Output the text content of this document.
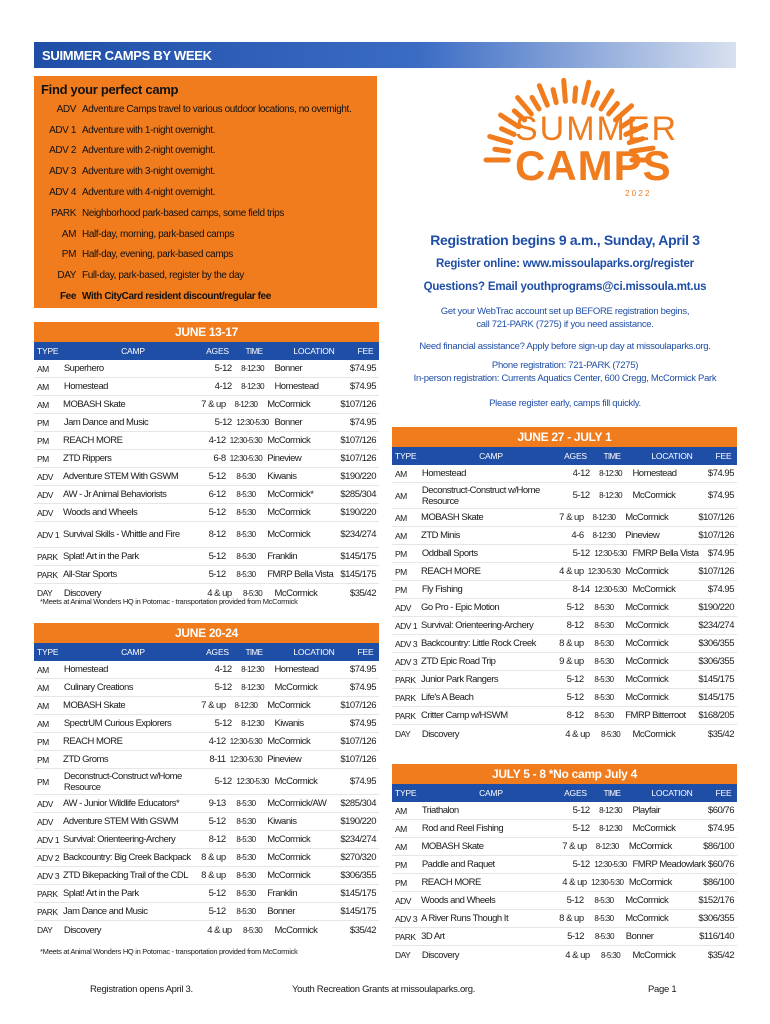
SUIMMER CAMPS BY WEEK
Find your perfect camp
ADV Adventure Camps travel to various outdoor locations, no overnight.
ADV 1 Adventure with 1-night overnight.
ADV 2 Adventure with 2-night overnight.
ADV 3 Adventure with 3-night overnight.
ADV 4 Adventure with 4-night overnight.
PARK Neighborhood park-based camps, some field trips
AM Half-day, morning, park-based camps
PM Half-day, evening, park-based camps
DAY Full-day, park-based, register by the day
Fee With CityCard resident discount/regular fee
SUMMER
CAMPS
2 0 2 2
Registration begins 9 a.m., Sunday, April 3
Register online: www.missoulaparks.org/register
Questions? Email youthprograms@ci.missoula.mt.us
Get your WebTrac account set up BEFORE registration begins,
call 721-PARK (7275) if you need assistance.
Need financial assistance? Apply before sign-up day at missoulaparks.org.
Phone registration: 721-PARK (7275)
In-person registration: Currents Aquatics Center, 600 Cregg, McCormick Park
Please register early, camps fill quickly.
JUNE 13-17
TYPE	CAMP	AGES	TIME	LOCATION	FEE
AM	Superhero	5-12	8-12:30	Bonner	$74.95
AM	Homestead	4-12	8-12:30	Homestead	$74.95
AM	MOBASH Skate	7 & up	8-12:30	McCormick	$107/126
PM	Jam Dance and Music	5-12 12:30-5:30 Bonner	$74.95
PM	REACH MORE	4-12 12:30-5:30 McCormick	$107/126
PM	ZTD Rippers	6-8 12:30-5:30 Pineview	$107/126
ADV	Adventure STEM With GSWM	5-12	8-5:30	Kiwanis	$190/220
ADV	AW - Jr Animal Behaviorists	6-12	8-5:30	McCormick*	$285/304
ADV	Woods and Wheels	5-12	8-5:30	McCormick	$190/220
ADV 1 Survival Skills - Whittle and Fire	8-12	8-5:30	McCormick	$234/274
PARK Splat! Art in the Park	5-12	8-5:30	Franklin	$145/175
PARK All-Star Sports	5-12	8-5:30	FMRP Bella Vista $145/175
DAY	Discovery	4 & up	8-5:30	McCormick	$35/42
*Meets at Animal Wonders HQ in Potomac - transportation provided from McCormick
JUNE 20-24
TYPE	CAMP	AGES	TIME	LOCATION	FEE
AM	Homestead	4-12	8-12:30	Homestead	$74.95
AM	Culinary Creations	5-12	8-12:30	McCormick	$74.95
AM	MOBASH Skate	7 & up	8-12:30	McCormick	$107/126
AM	SpectrUM Curious Explorers	5-12	8-12:30	Kiwanis	$74.95
PM	REACH MORE	4-12 12:30-5:30 McCormick	$107/126
PM	ZTD Groms	8-11 12:30-5:30 Pineview	$107/126
PM	Deconstruct-Construct w/Home Resource	5-12 12:30-5:30 McCormick	$74.95
ADV	AW - Junior Wildlife Educators*	9-13	8-5:30	McCormick/AW	$285/304
ADV	Adventure STEM With GSWM	5-12	8-5:30	Kiwanis	$190/220
ADV 1 Survival: Orienteering-Archery	8-12	8-5:30	McCormick	$234/274
ADV 2 Backcountry: Big Creek Backpack	8 & up	8-5:30	McCormick	$270/320
ADV 3 ZTD Bikepacking Trail of the CDL	8 & up	8-5:30	McCormick	$306/355
PARK Splat! Art in the Park	5-12	8-5:30	Franklin	$145/175
PARK Jam Dance and Music	5-12	8-5:30	Bonner	$145/175
DAY	Discovery	4 & up	8-5:30	McCormick	$35/42
*Meets at Animal Wonders HQ in Potomac - transportation provided from McCormick
JUNE 27 - JULY 1
TYPE	CAMP	AGES	TIME	LOCATION	FEE
AM	Homestead	4-12	8-12:30	Homestead	$74.95
AM	Deconstruct-Construct w/Home Resource	5-12	8-12:30	McCormick	$74.95
AM	MOBASH Skate	7 & up	8-12:30	McCormick	$107/126
AM	ZTD Minis	4-6	8-12:30	Pineview	$107/126
PM	Oddball Sports	5-12 12:30-5:30 FMRP Bella Vista $74.95
PM	REACH MORE	4 & up 12:30-5:30 McCormick	$107/126
PM	Fly Fishing	8-14 12:30-5:30 McCormick	$74.95
ADV	Go Pro - Epic Motion	5-12	8-5:30	McCormick	$190/220
ADV 1 Survival: Orienteering-Archery	8-12	8-5:30	McCormick	$234/274
ADV 3 Backcountry: Little Rock Creek	8 & up	8-5:30	McCormick	$306/355
ADV 3 ZTD Epic Road Trip	9 & up	8-5:30	McCormick	$306/355
PARK Junior Park Rangers	5-12	8-5:30	McCormick	$145/175
PARK Life's A Beach	5-12	8-5:30	McCormick	$145/175
PARK Critter Camp w/HSWM	8-12	8-5:30	FMRP Bitterroot	$168/205
DAY	Discovery	4 & up	8-5:30	McCormick	$35/42
JULY 5 - 8 *No camp July 4
TYPE	CAMP	AGES	TIME	LOCATION	FEE
AM	Triathalon	5-12	8-12:30	Playfair	$60/76
AM	Rod and Reel Fishing	5-12	8-12:30	McCormick	$74.95
AM	MOBASH Skate	7 & up	8-12:30	McCormick	$86/100
PM	Paddle and Raquet	5-12 12:30-5:30 FMRP Meadowlark $60/76
PM	REACH MORE	4 & up 12:30-5:30 McCormick	$86/100
ADV	Woods and Wheels	5-12	8-5:30	McCormick	$152/176
ADV 3 A River Runs Though It	8 & up	8-5:30	McCormick	$306/355
PARK 3D Art	5-12	8-5:30	Bonner	$116/140
DAY	Discovery	4 & up	8-5:30	McCormick	$35/42
Registration opens April 3.	Youth Recreation Grants at missoulaparks.org.	Page 1
